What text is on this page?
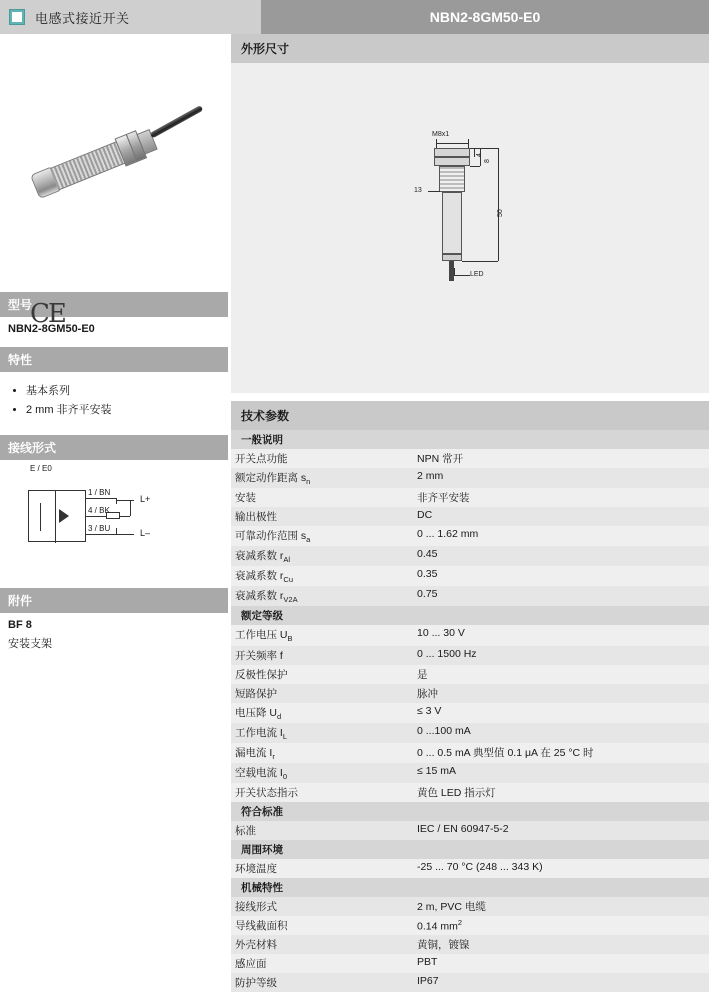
电感式接近开关	NBN2-8GM50-E0
CE
型号
NBN2-8GM50-E0
特性
• 基本系列
• 2 mm 非齐平安装
接线形式
E / E0
1 / BN
4 / BK
3 / BU
L+
L–
附件
BF 8
安装支架
外形尺寸
M8x1
50
8
4
13
LED
技术参数
一般说明	
开关点功能	NPN 常开
额定动作距离 $s_n$	2 mm
安装	非齐平安装
输出极性	DC
可靠动作范围 $s_a$	0 ... 1.62 mm
衰减系数 $r_{Al}$	0.45
衰减系数 $r_{Cu}$	0.35
衰减系数 $r_{V2A}$	0.75
额定等级	
工作电压 $U_B$	10 ... 30 V
开关频率 f	0 ... 1500 Hz
反极性保护	是
短路保护	脉冲
电压降 $U_d$	≤ 3 V
工作电流 $I_L$	0 ...100 mA
漏电流 $I_r$	0 ... 0.5 mA 典型值 0.1 μA 在 25 °C 时
空载电流 $I_0$	≤ 15 mA
开关状态指示	黄色 LED 指示灯
符合标准	
标准	IEC / EN 60947-5-2
周围环境	
环境温度	-25 ... 70 °C (248 ... 343 K)
机械特性	
接线形式	2 m, PVC 电缆
导线截面积	0.14 $mm^2$
外壳材料	黄铜，镀镍
感应面	PBT
防护等级	IP67
